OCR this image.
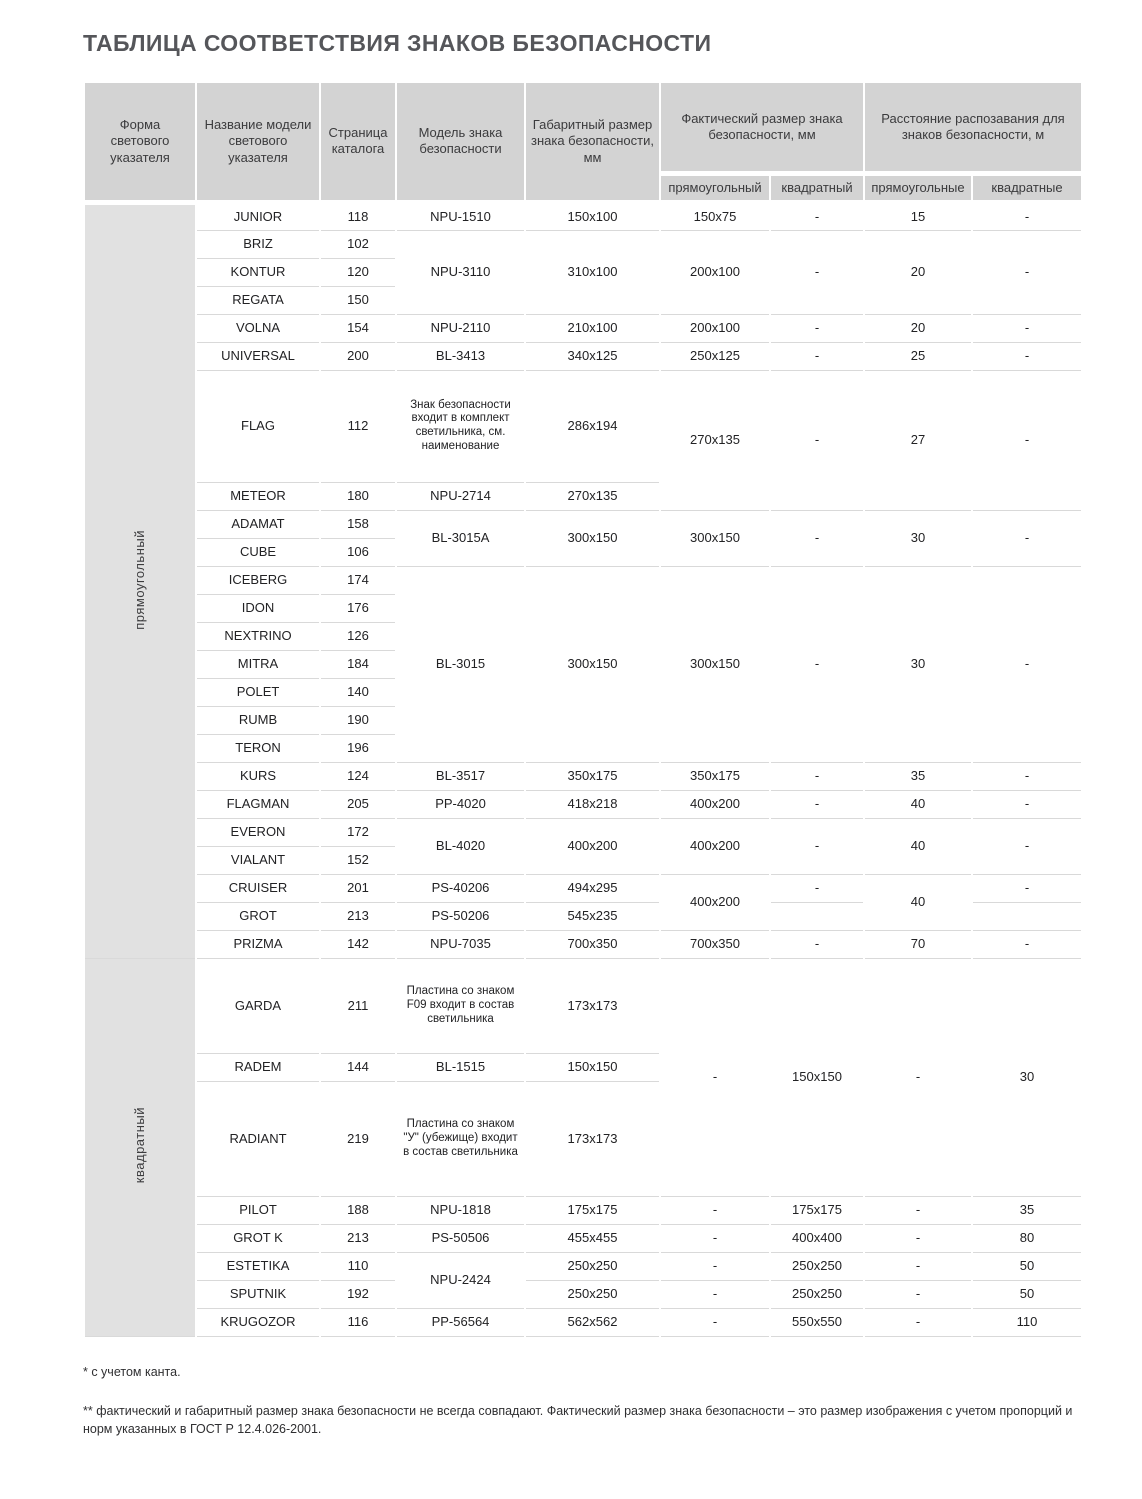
ТАБЛИЦА СООТВЕТСТВИЯ ЗНАКОВ БЕЗОПАСНОСТИ
Форма светового указателя	Название модели светового указателя	Страница каталога	Модель знака безопасности	Габаритный размер знака безопасности, мм	Фактический размер знака безопасности, мм		Расстояние распозавания для знаков безопасности, м	
					прямоугольный	квадратный	прямоугольные	квадратные
прямоугольный	JUNIOR	118	NPU-1510	150x100	150x75	-	15	-
	BRIZ	102	NPU-3110	310x100	200x100	-	20	-
	KONTUR	120						
	REGATA	150						
	VOLNA	154	NPU-2110	210x100	200x100	-	20	-
	UNIVERSAL	200	BL-3413	340x125	250x125	-	25	-
	FLAG	112	Знак безопасности входит в комплект светильника, см. наименование	286x194	270x135	-	27	-
	METEOR	180	NPU-2714	270x135				
	ADAMAT	158	BL-3015A	300x150	300x150	-	30	-
	CUBE	106						
	ICEBERG	174	BL-3015	300x150	300x150	-	30	-
	IDON	176						
	NEXTRINO	126						
	MITRA	184						
	POLET	140						
	RUMB	190						
	TERON	196						
	KURS	124	BL-3517	350x175	350x175	-	35	-
	FLAGMAN	205	PP-4020	418x218	400x200	-	40	-
	EVERON	172	BL-4020	400x200	400x200	-	40	-
	VIALANT	152						
	CRUISER	201	PS-40206	494x295	400x200	-	40	-
	GROT	213	PS-50206	545x235				
	PRIZMA	142	NPU-7035	700x350	700x350	-	70	-
квадратный	GARDA	211	Пластина со знаком F09 входит в состав светильника	173x173	-	150x150	-	30
	RADEM	144	BL-1515	150x150				
	RADIANT	219	Пластина со знаком "У" (убежище) входит в состав светильника	173x173				
	PILOT	188	NPU-1818	175x175	-	175x175	-	35
	GROT K	213	PS-50506	455x455	-	400x400	-	80
	ESTETIKA	110	NPU-2424	250x250	-	250x250	-	50
	SPUTNIK	192		250x250	-	250x250	-	50
	KRUGOZOR	116	PP-56564	562x562	-	550x550	-	110

* с учетом канта.

** фактический и габаритный размер знака безопасности не всегда совпадают. Фактический размер знака безопасности – это размер изображения с учетом пропорций и норм указанных в ГОСТ Р 12.4.026-2001.
